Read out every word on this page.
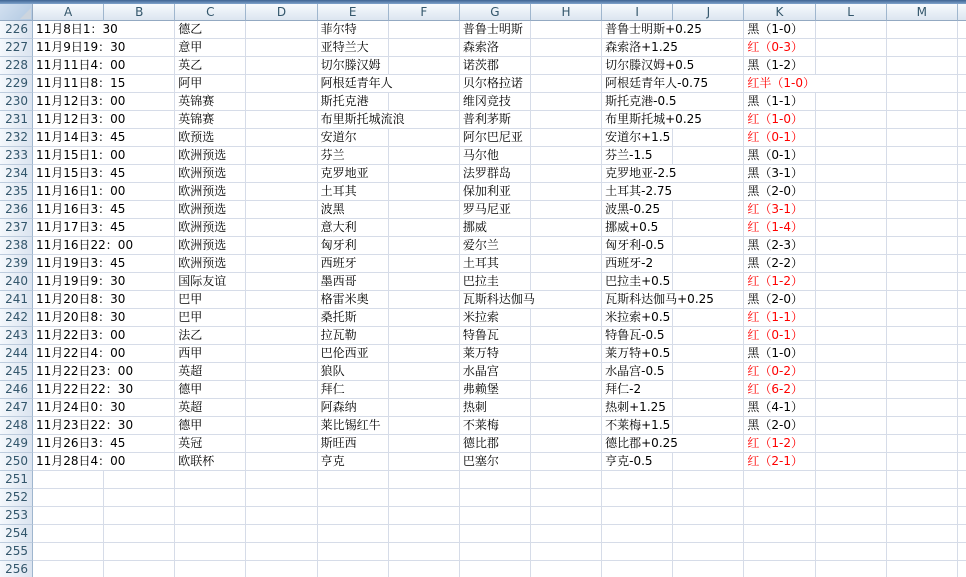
A	B	C	D	E	F	G	H	I	J	K	L	M
226 11月8日1：30	德乙	菲尔特	普鲁士明斯	普鲁士明斯+0.25	黑（1-0）
227 11月9日19：30	意甲	亚特兰大	森索洛	森索洛+1.25	红（0-3）
228 11月11日4：00	英乙	切尔滕汉姆	诺茨郡	切尔滕汉姆+0.5	黑（1-2）
229 11月11日8：15	阿甲	阿根廷青年人	贝尔格拉诺	阿根廷青年人-0.75	红半（1-0）
230 11月12日3：00	英锦赛	斯托克港	维冈竞技	斯托克港-0.5	黑（1-1）
231 11月12日3：00	英锦赛	布里斯托城流浪	普利茅斯	布里斯托城+0.25	红（1-0）
232 11月14日3：45	欧预选	安道尔	阿尔巴尼亚	安道尔+1.5	红（0-1）
233 11月15日1：00	欧洲预选	芬兰	马尔他	芬兰-1.5	黑（0-1）
234 11月15日3：45	欧洲预选	克罗地亚	法罗群岛	克罗地亚-2.5	黑（3-1）
235 11月16日1：00	欧洲预选	土耳其	保加利亚	土耳其-2.75	黑（2-0）
236 11月16日3：45	欧洲预选	波黑	罗马尼亚	波黑-0.25	红（3-1）
237 11月17日3：45	欧洲预选	意大利	挪威	挪威+0.5	红（1-4）
238 11月16日22：00	欧洲预选	匈牙利	爱尔兰	匈牙利-0.5	黑（2-3）
239 11月19日3：45	欧洲预选	西班牙	土耳其	西班牙-2	黑（2-2）
240 11月19日9：30	国际友谊	墨西哥	巴拉圭	巴拉圭+0.5	红（1-2）
241 11月20日8：30	巴甲	格雷米奥	瓦斯科达伽马	瓦斯科达伽马+0.25	黑（2-0）
242 11月20日8：30	巴甲	桑托斯	米拉索	米拉索+0.5	红（1-1）
243 11月22日3：00	法乙	拉瓦勒	特鲁瓦	特鲁瓦-0.5	红（0-1）
244 11月22日4：00	西甲	巴伦西亚	莱万特	莱万特+0.5	黑（1-0）
245 11月22日23：00	英超	狼队	水晶宫	水晶宫-0.5	红（0-2）
246 11月22日22：30	德甲	拜仁	弗赖堡	拜仁-2	红（6-2）
247 11月24日0：30	英超	阿森纳	热刺	热刺+1.25	黑（4-1）
248 11月23日22：30	德甲	莱比锡红牛	不莱梅	不莱梅+1.5	黑（2-0）
249 11月26日3：45	英冠	斯旺西	德比郡	德比郡+0.25	红（1-2）
250 11月28日4：00	欧联杯	亨克	巴塞尔	亨克-0.5	红（2-1）
251
252
253
254
255
256
